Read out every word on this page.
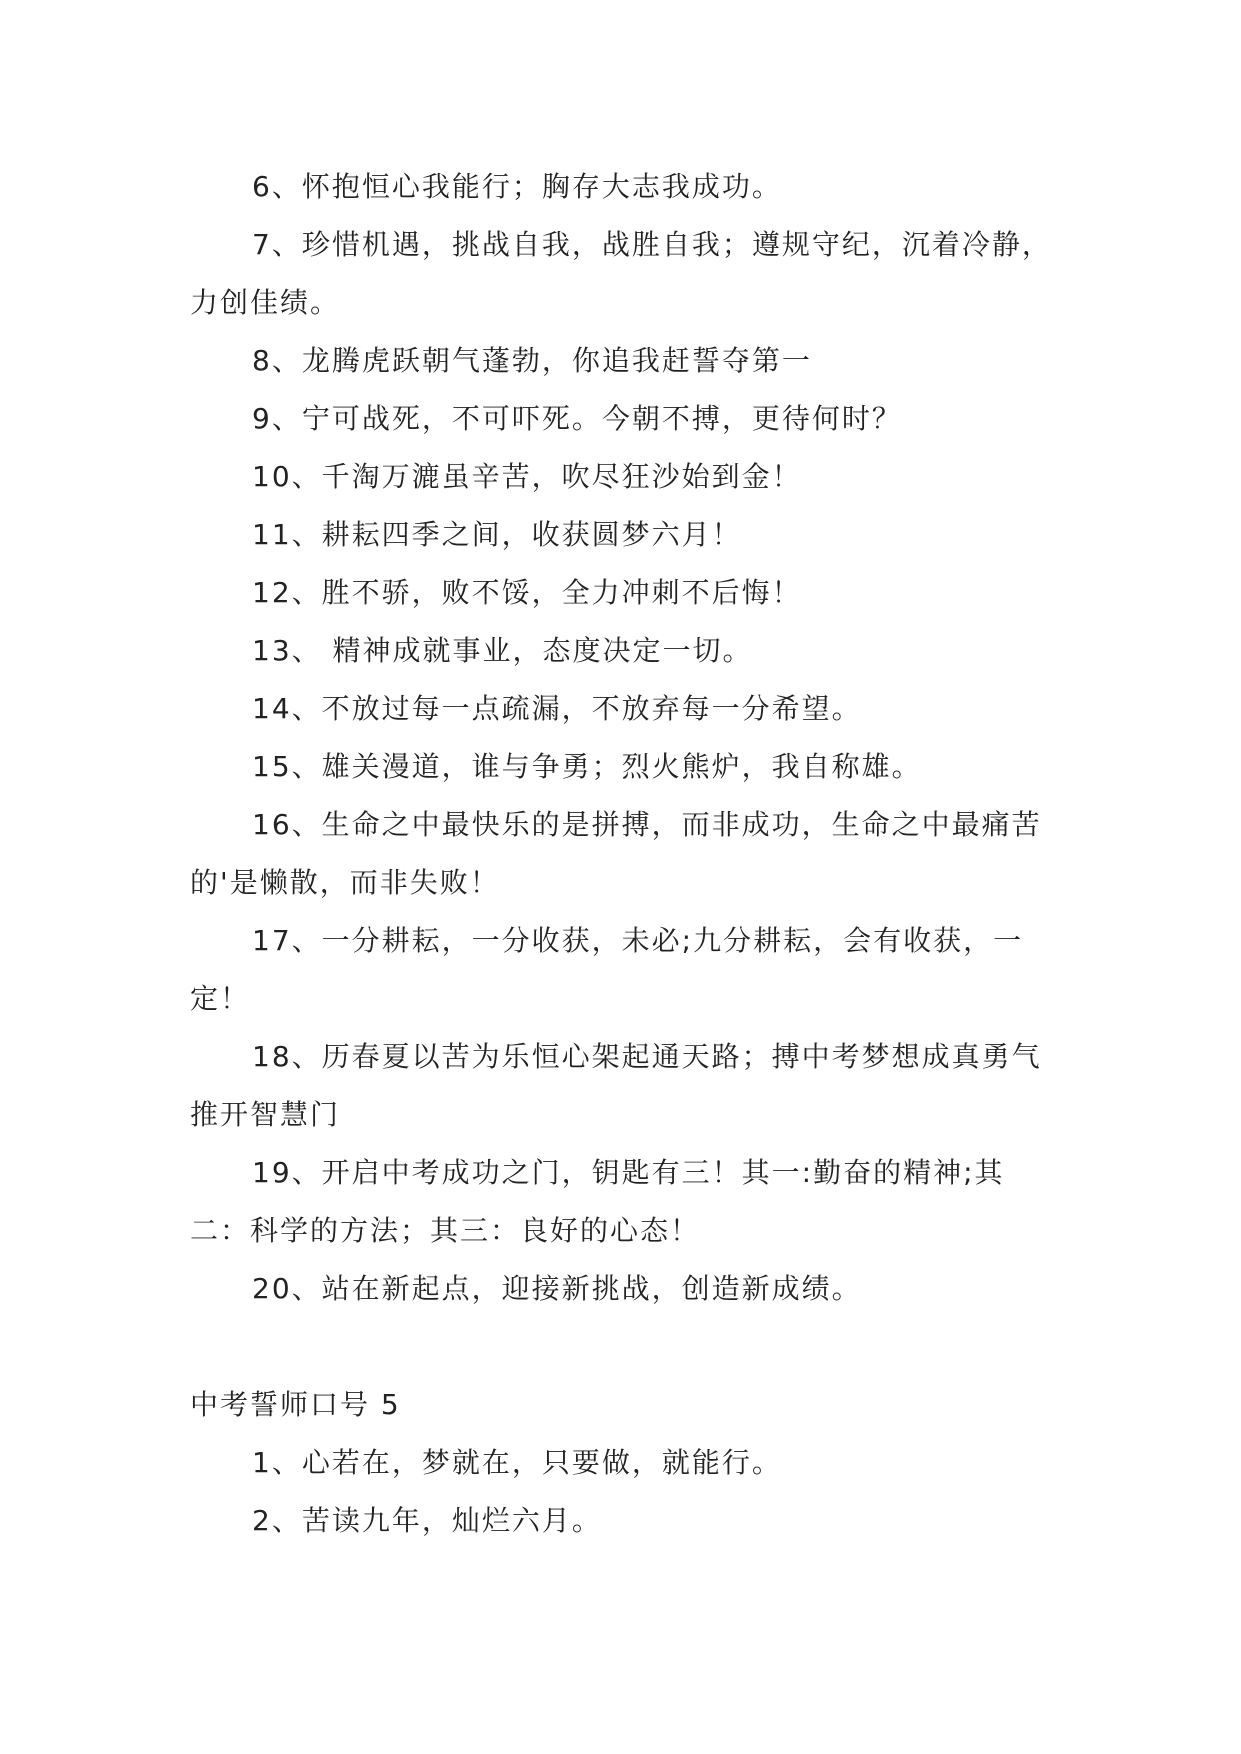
6、怀抱恒心我能行；胸存大志我成功。

7、珍惜机遇，挑战自我，战胜自我；遵规守纪，沉着冷静，力创佳绩。

8、龙腾虎跃朝气蓬勃，你追我赶誓夺第一

9、宁可战死，不可吓死。今朝不搏，更待何时？

10、千淘万漉虽辛苦，吹尽狂沙始到金！

11、耕耘四季之间，收获圆梦六月！

12、胜不骄，败不馁，全力冲刺不后悔！

13、 精神成就事业，态度决定一切。

14、不放过每一点疏漏，不放弃每一分希望。

15、雄关漫道，谁与争勇；烈火熊炉，我自称雄。

16、生命之中最快乐的是拼搏，而非成功，生命之中最痛苦的'是懒散，而非失败！

17、一分耕耘，一分收获，未必;九分耕耘，会有收获，一定！

18、历春夏以苦为乐恒心架起通天路；搏中考梦想成真勇气推开智慧门

19、开启中考成功之门，钥匙有三！其一:勤奋的精神;其二：科学的方法；其三：良好的心态！

20、站在新起点，迎接新挑战，创造新成绩。

中考誓师口号 5

1、心若在，梦就在，只要做，就能行。

2、苦读九年，灿烂六月。
